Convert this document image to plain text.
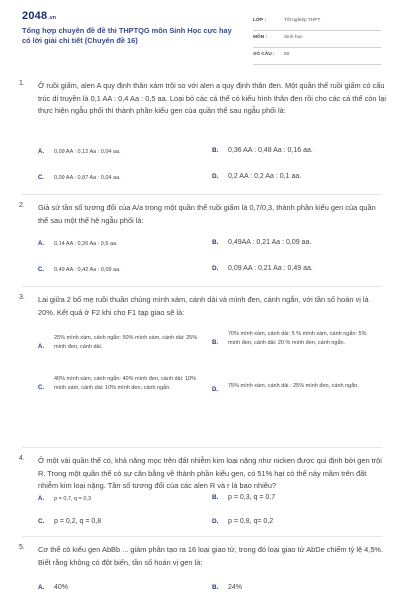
2048.vn
Tổng hợp chuyên đề đề thi THPTQG môn Sinh Học cực hay có lời giải chi tiết (Chuyên đề 16)
LỚP :	Tốt nghiệp THPT
MÔN :	Sinh học
SỐ CÂU : 50
1. Ở ruồi giấm, alen A quy định thân xám trội so với alen a quy định thân đen. Một quần thể ruồi giấm có cấu trúc di truyền là 0,1 AA : 0,4 Aa : 0,5 aa. Loại bỏ các cá thể có kiểu hình thân đen rồi cho các cá thể còn lại thực hiện ngẫu phối thì thành phần kiểu gen của quần thể sau ngẫu phối là:
A. 0,09 AA : 0,12 Aa : 0,04 aa.	B. 0,36 AA : 0,48 Aa : 0,16 aa.
C. 0,09 AA : 0,87 Aa : 0,04 aa.	D. 0,2 AA : 0,2 Aa : 0,1 aa.
2. Giả sử tần số tương đối của A/a trong một quần thể ruồi giấm là 0,7/0,3, thành phần kiểu gen của quần thể sau một thế hệ ngẫu phối là:
A. 0,14 AA : 0,26 Aa : 0,6 aa.	B. 0,49AA : 0,21 Aa : 0,09 aa.
C. 0,49 AA : 0,42 Aa : 0,09 aa.	D. 0,09 AA : 0,21 Aa : 0,49 aa.
3. Lai giữa 2 bố mẹ ruồi thuần chủng mình xám, cánh dài và mình đen, cánh ngắn, với tần số hoán vị là 20%. Kết quả ở F2 khi cho F1 tạp giao sẽ là:
A.
25% mình xám, cánh ngắn: 50% mình xám, cánh dài: 25% mình đen, cánh dài.
B.
70% mình xám, cánh dài: 5 % mình xám, cánh ngắn: 5% mình đen, cánh dài: 20 % mình đen, cánh ngắn.
C.
40% mình xám, cánh ngắn: 40% mình đen, cánh dài: 10% mình xám, cánh dài: 10% mình đen, cánh ngắn.	D.
75% mình xám, cánh dài : 25% mình đen, cánh ngắn.
4. Ở một vài quần thể cỏ, khả năng mọc trên đất nhiễm kim loại nặng như nicken được qui định bởi gen trội R. Trong một quần thể có sự cân bằng về thành phần kiểu gen, có 51% hạt có thể nảy mầm trên đất nhiễm kim loại nặng. Tần số tương đối của các alen R và r là bao nhiêu?
A. p = 0,7, q = 0,3	B. p = 0,3, q = 0,7
C. p = 0,2, q = 0,8	D. p = 0,8, q= 0,2
5. Cơ thể có kiểu gen AbBb ... giảm phân tạo ra 16 loại giao tử, trong đó loại giao tử AbDe chiếm tỷ lệ 4,5%. Biết rằng không có đột biến, tần số hoán vị gen là:
A. 40%	B. 24%
